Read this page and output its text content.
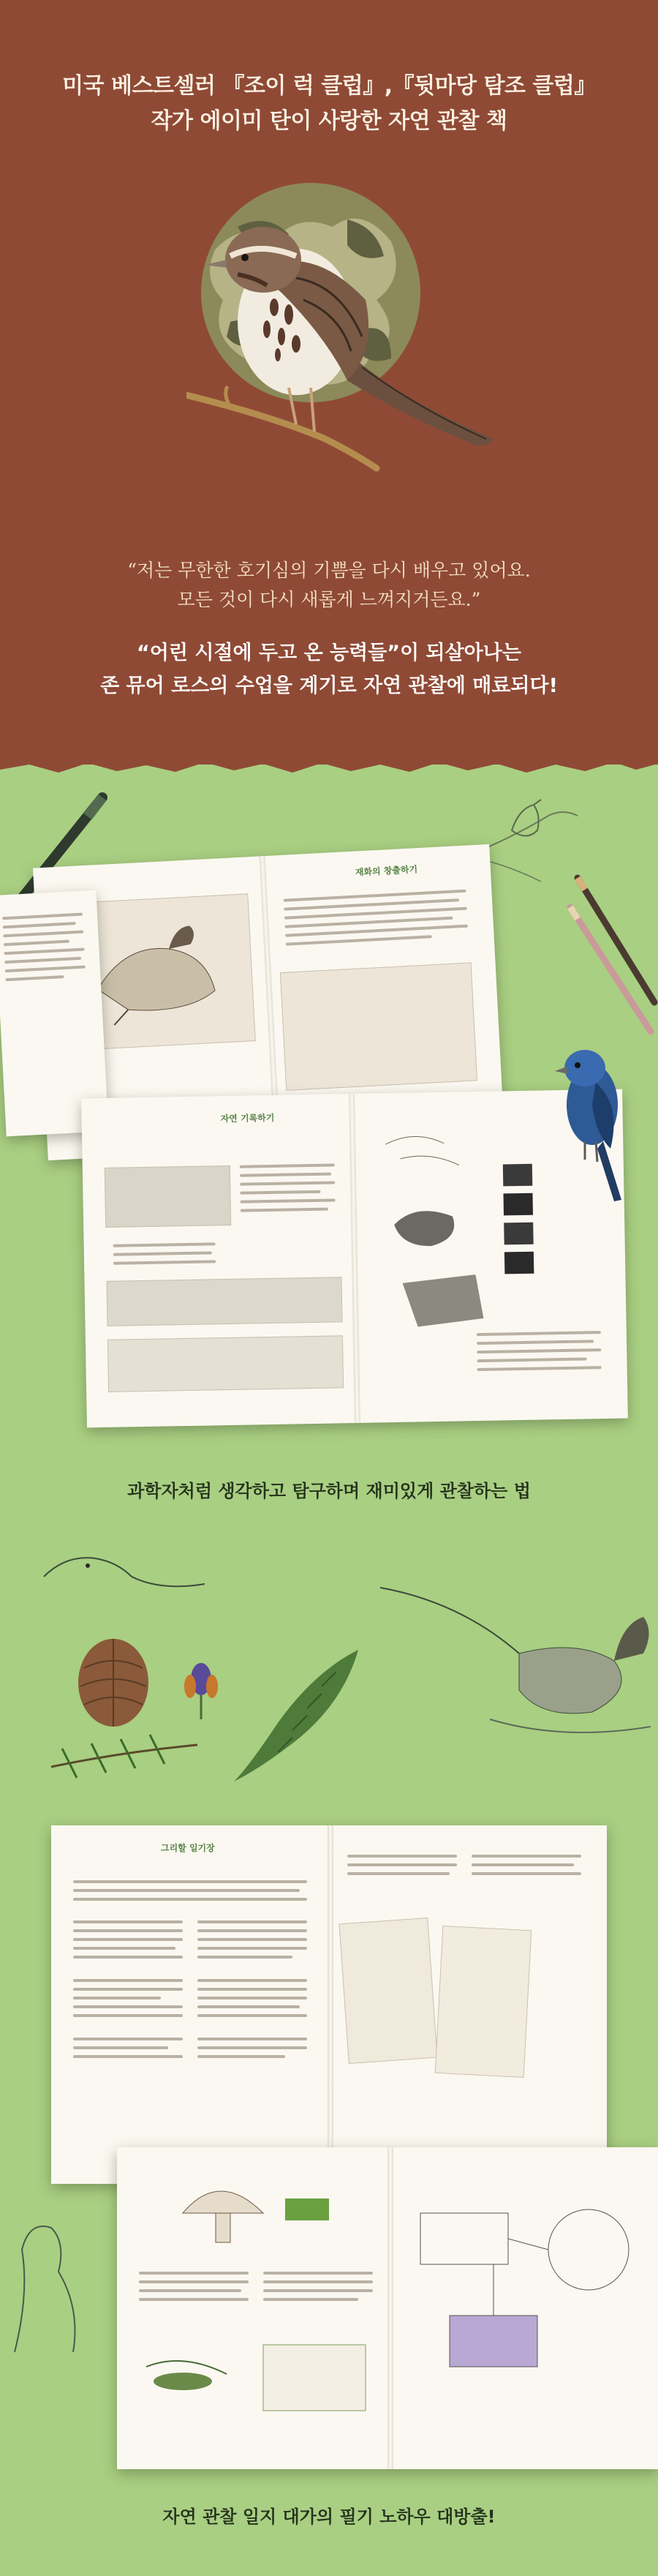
미국 베스트셀러 『조이 럭 클럽』,『뒷마당 탐조 클럽』
작가 에이미 탄이 사랑한 자연 관찰 책
“저는 무한한 호기심의 기쁨을 다시 배우고 있어요.
모든 것이 다시 새롭게 느껴지거든요.”
“어린 시절에 두고 온 능력들”이 되살아나는
존 뮤어 로스의 수업을 계기로 자연 관찰에 매료되다!
재화의 창출하기
자연 기록하기
과학자처럼 생각하고 탐구하며 재미있게 관찰하는 법
그리할 일기장
자연 관찰 일지 대가의 필기 노하우 대방출!
